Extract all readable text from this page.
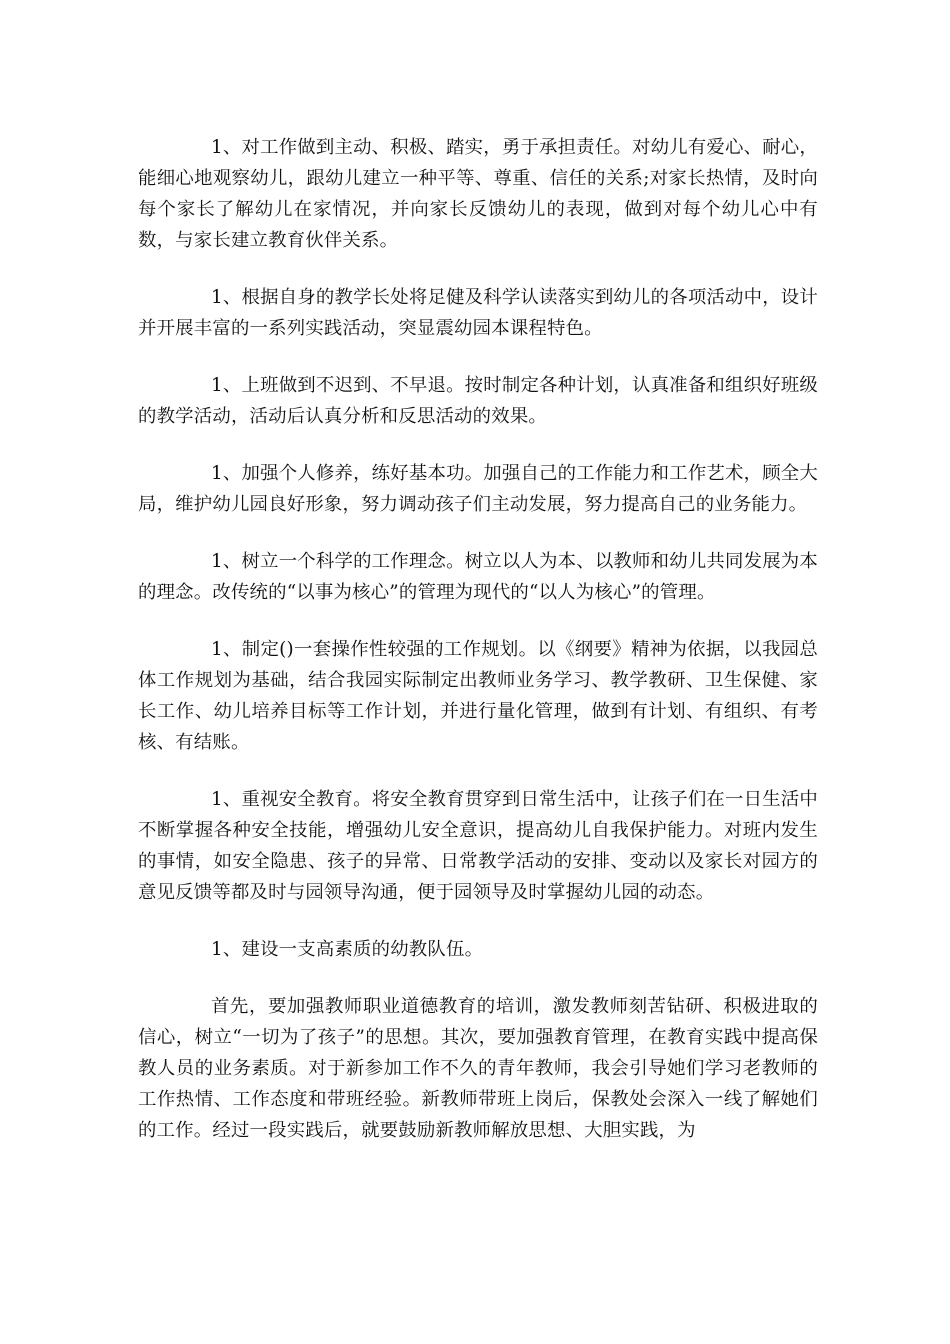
1、对工作做到主动、积极、踏实，勇于承担责任。对幼儿有爱心、耐心，能细心地观察幼儿，跟幼儿建立一种平等、尊重、信任的关系;对家长热情，及时向每个家长了解幼儿在家情况，并向家长反馈幼儿的表现，做到对每个幼儿心中有数，与家长建立教育伙伴关系。

1、根据自身的教学长处将足健及科学认读落实到幼儿的各项活动中，设计并开展丰富的一系列实践活动，突显震幼园本课程特色。

1、上班做到不迟到、不早退。按时制定各种计划，认真准备和组织好班级的教学活动，活动后认真分析和反思活动的效果。

1、加强个人修养，练好基本功。加强自己的工作能力和工作艺术，顾全大局，维护幼儿园良好形象，努力调动孩子们主动发展，努力提高自己的业务能力。

1、树立一个科学的工作理念。树立以人为本、以教师和幼儿共同发展为本的理念。改传统的“以事为核心”的管理为现代的“以人为核心”的管理。

1、制定()一套操作性较强的工作规划。以《纲要》精神为依据，以我园总体工作规划为基础，结合我园实际制定出教师业务学习、教学教研、卫生保健、家长工作、幼儿培养目标等工作计划，并进行量化管理，做到有计划、有组织、有考核、有结账。

1、重视安全教育。将安全教育贯穿到日常生活中，让孩子们在一日生活中不断掌握各种安全技能，增强幼儿安全意识，提高幼儿自我保护能力。对班内发生的事情，如安全隐患、孩子的异常、日常教学活动的安排、变动以及家长对园方的意见反馈等都及时与园领导沟通，便于园领导及时掌握幼儿园的动态。

1、建设一支高素质的幼教队伍。

首先，要加强教师职业道德教育的培训，激发教师刻苦钻研、积极进取的信心，树立“一切为了孩子”的思想。其次，要加强教育管理，在教育实践中提高保教人员的业务素质。对于新参加工作不久的青年教师，我会引导她们学习老教师的工作热情、工作态度和带班经验。新教师带班上岗后，保教处会深入一线了解她们的工作。经过一段实践后，就要鼓励新教师解放思想、大胆实践，为
